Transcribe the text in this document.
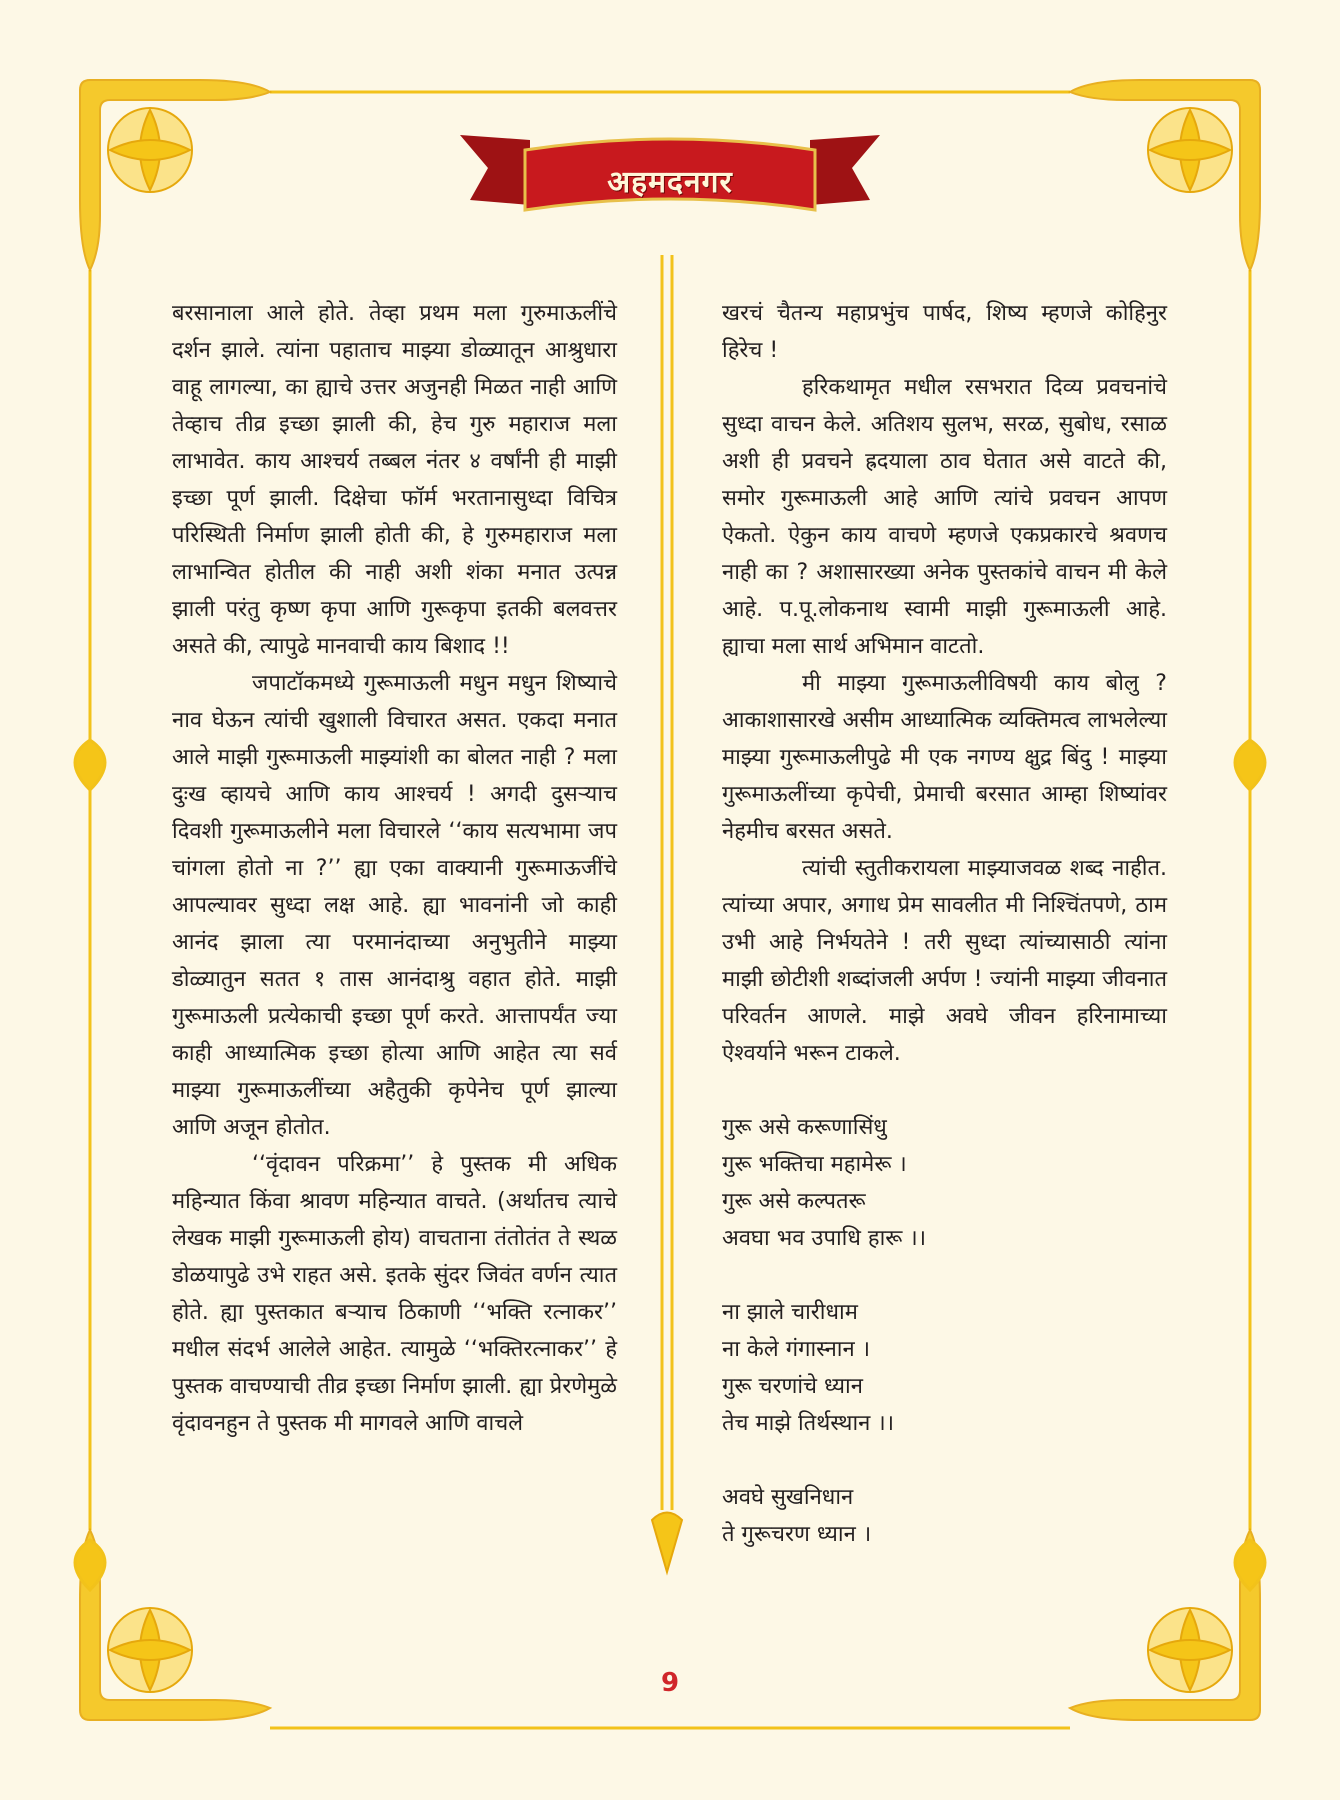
अहमदनगर

बरसानाला आले होते. तेव्हा प्रथम मला गुरुमाऊलींचे दर्शन झाले. त्यांना पहाताच माझ्या डोळ्यातून आश्रुधारा वाहू लागल्या, का ह्याचे उत्तर अजुनही मिळत नाही आणि तेव्हाच तीव्र इच्छा झाली की, हेच गुरु महाराज मला लाभावेत. काय आश्चर्य तब्बल नंतर ४ वर्षांनी ही माझी इच्छा पूर्ण झाली. दिक्षेचा फॉर्म भरतानासुध्दा विचित्र परिस्थिती निर्माण झाली होती की, हे गुरुमहाराज मला लाभान्वित होतील की नाही अशी शंका मनात उत्पन्न झाली परंतु कृष्ण कृपा आणि गुरूकृपा इतकी बलवत्तर असते की, त्यापुढे मानवाची काय बिशाद !!

जपाटॉकमध्ये गुरूमाऊली मधुन मधुन शिष्याचे नाव घेऊन त्यांची खुशाली विचारत असत. एकदा मनात आले माझी गुरूमाऊली माझ्यांशी का बोलत नाही ? मला दुःख व्हायचे आणि काय आश्चर्य ! अगदी दुसऱ्याच दिवशी गुरूमाऊलीने मला विचारले ‘‘काय सत्यभामा जप चांगला होतो ना ?’’ ह्या एका वाक्यानी गुरूमाऊजींचे आपल्यावर सुध्दा लक्ष आहे. ह्या भावनांनी जो काही आनंद झाला त्या परमानंदाच्या अनुभुतीने माझ्या डोळ्यातुन सतत १ तास आनंदाश्रु वहात होते. माझी गुरूमाऊली प्रत्येकाची इच्छा पूर्ण करते. आत्तापर्यंत ज्या काही आध्यात्मिक इच्छा होत्या आणि आहेत त्या सर्व माझ्या गुरूमाऊलींच्या अहैतुकी कृपेनेच पूर्ण झाल्या आणि अजून होतोत.

‘‘वृंदावन परिक्रमा’’ हे पुस्तक मी अधिक महिन्यात किंवा श्रावण महिन्यात वाचते. (अर्थातच त्याचे लेखक माझी गुरूमाऊली होय) वाचताना तंतोतंत ते स्थळ डोळयापुढे उभे राहत असे. इतके सुंदर जिवंत वर्णन त्यात होते. ह्या पुस्तकात बऱ्याच ठिकाणी ‘‘भक्ति रत्नाकर’’ मधील संदर्भ आलेले आहेत. त्यामुळे ‘‘भक्तिरत्नाकर’’ हे पुस्तक वाचण्याची तीव्र इच्छा निर्माण झाली. ह्या प्रेरणेमुळे वृंदावनहुन ते पुस्तक मी मागवले आणि वाचले

खरचं चैतन्य महाप्रभुंच पार्षद, शिष्य म्हणजे कोहिनुर हिरेच !

हरिकथामृत मधील रसभरात दिव्य प्रवचनांचे सुध्दा वाचन केले. अतिशय सुलभ, सरळ, सुबोध, रसाळ अशी ही प्रवचने ह्रदयाला ठाव घेतात असे वाटते की, समोर गुरूमाऊली आहे आणि त्यांचे प्रवचन आपण ऐकतो. ऐकुन काय वाचणे म्हणजे एकप्रकारचे श्रवणच नाही का ? अशासारख्या अनेक पुस्तकांचे वाचन मी केले आहे. प.पू.लोकनाथ स्वामी माझी गुरूमाऊली आहे. ह्याचा मला सार्थ अभिमान वाटतो.

मी माझ्या गुरूमाऊलीविषयी काय बोलु ? आकाशासारखे असीम आध्यात्मिक व्यक्तिमत्व लाभलेल्या माझ्या गुरूमाऊलीपुढे मी एक नगण्य क्षुद्र बिंदु ! माझ्या गुरूमाऊलींच्या कृपेची, प्रेमाची बरसात आम्हा शिष्यांवर नेहमीच बरसत असते.

त्यांची स्तुतीकरायला माझ्याजवळ शब्द नाहीत. त्यांच्या अपार, अगाध प्रेम सावलीत मी निश्चिंतपणे, ठाम उभी आहे निर्भयतेने ! तरी सुध्दा त्यांच्यासाठी त्यांना माझी छोटीशी शब्दांजली अर्पण ! ज्यांनी माझ्या जीवनात परिवर्तन आणले. माझे अवघे जीवन हरिनामाच्या ऐश्वर्याने भरून टाकले.

गुरू असे करूणासिंधु
गुरू भक्तिचा महामेरू ।
गुरू असे कल्पतरू
अवघा भव उपाधि हारू ।।
ना झाले चारीधाम
ना केले गंगास्नान ।
गुरू चरणांचे ध्यान
तेच माझे तिर्थस्थान ।।
अवघे सुखनिधान
ते गुरूचरण ध्यान ।
9
